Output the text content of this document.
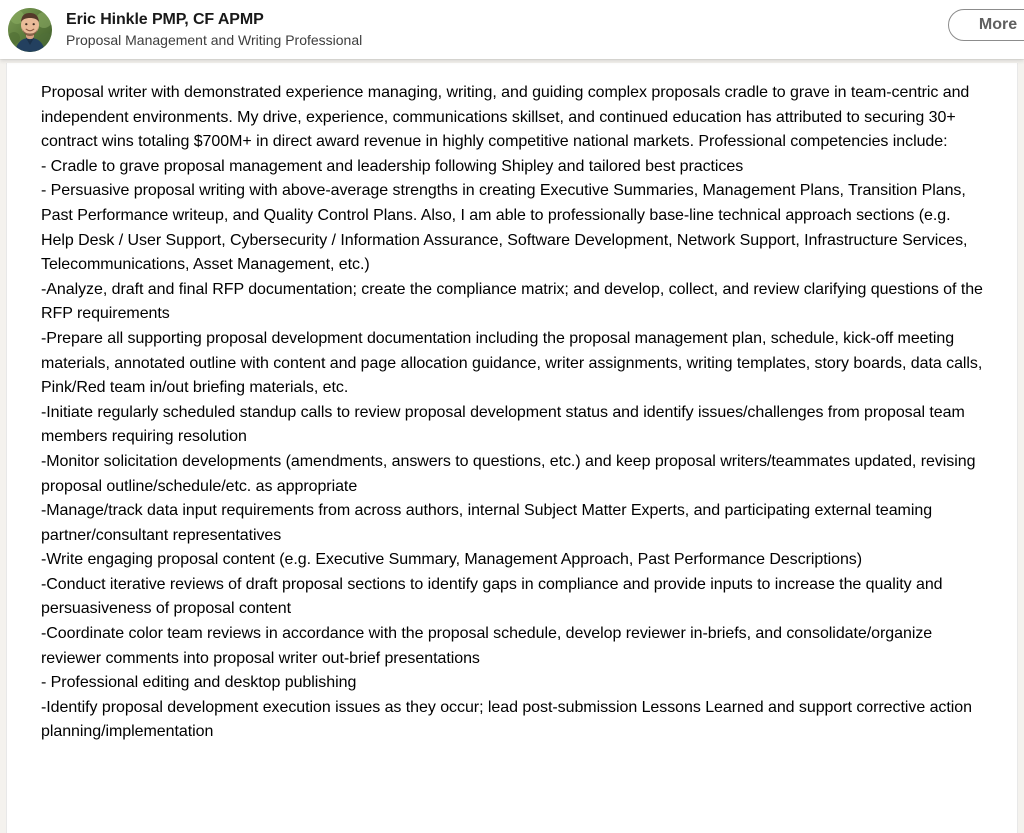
Eric Hinkle PMP, CF APMP
Proposal Management and Writing Professional
More

Proposal writer with demonstrated experience managing, writing, and guiding complex proposals cradle to grave in team-centric and independent environments. My drive, experience, communications skillset, and continued education has attributed to securing 30+ contract wins totaling $700M+ in direct award revenue in highly competitive national markets. Professional competencies include:

- Cradle to grave proposal management and leadership following Shipley and tailored best practices

- Persuasive proposal writing with above-average strengths in creating Executive Summaries, Management Plans, Transition Plans, Past Performance writeup, and Quality Control Plans. Also, I am able to professionally base-line technical approach sections (e.g. Help Desk / User Support, Cybersecurity / Information Assurance, Software Development, Network Support, Infrastructure Services, Telecommunications, Asset Management, etc.)

-Analyze, draft and final RFP documentation; create the compliance matrix; and develop, collect, and review clarifying questions of the RFP requirements

-Prepare all supporting proposal development documentation including the proposal management plan, schedule, kick-off meeting materials, annotated outline with content and page allocation guidance, writer assignments, writing templates, story boards, data calls, Pink/Red team in/out briefing materials, etc.

-Initiate regularly scheduled standup calls to review proposal development status and identify issues/challenges from proposal team members requiring resolution

-Monitor solicitation developments (amendments, answers to questions, etc.) and keep proposal writers/teammates updated, revising proposal outline/schedule/etc. as appropriate

-Manage/track data input requirements from across authors, internal Subject Matter Experts, and participating external teaming partner/consultant representatives

-Write engaging proposal content (e.g. Executive Summary, Management Approach, Past Performance Descriptions)

-Conduct iterative reviews of draft proposal sections to identify gaps in compliance and provide inputs to increase the quality and persuasiveness of proposal content

-Coordinate color team reviews in accordance with the proposal schedule, develop reviewer in-briefs, and consolidate/organize reviewer comments into proposal writer out-brief presentations

- Professional editing and desktop publishing

-Identify proposal development execution issues as they occur; lead post-submission Lessons Learned and support corrective action planning/implementation
